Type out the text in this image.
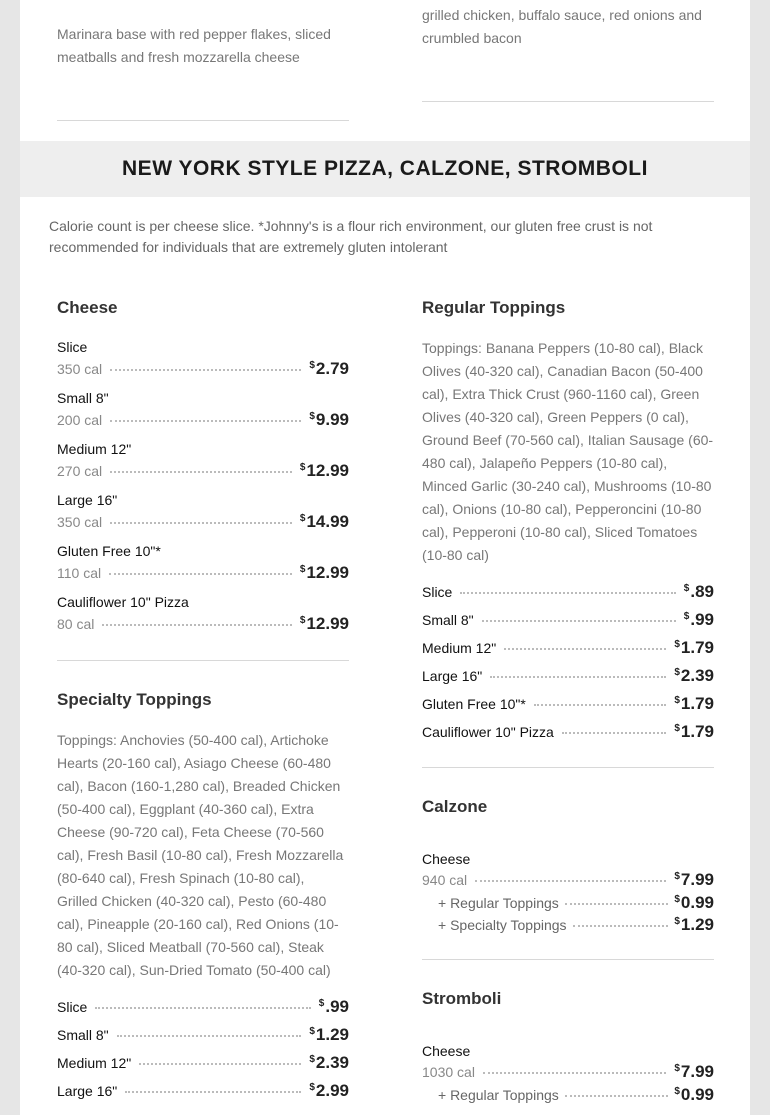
Marinara base with red pepper flakes, sliced meatballs and fresh mozzarella cheese
grilled chicken, buffalo sauce, red onions and crumbled bacon
NEW YORK STYLE PIZZA, CALZONE, STROMBOLI
Calorie count is per cheese slice. *Johnny's is a flour rich environment, our gluten free crust is not recommended for individuals that are extremely gluten intolerant
Cheese
Slice
350 cal	$2.79
Small 8"
200 cal	$9.99
Medium 12"
270 cal	$12.99
Large 16"
350 cal	$14.99
Gluten Free 10"*
110 cal	$12.99
Cauliflower 10" Pizza
80 cal	$12.99
Specialty Toppings
Toppings: Anchovies (50-400 cal), Artichoke Hearts (20-160 cal), Asiago Cheese (60-480 cal), Bacon (160-1,280 cal), Breaded Chicken (50-400 cal), Eggplant (40-360 cal), Extra Cheese (90-720 cal), Feta Cheese (70-560 cal), Fresh Basil (10-80 cal), Fresh Mozzarella (80-640 cal), Fresh Spinach (10-80 cal), Grilled Chicken (40-320 cal), Pesto (60-480 cal), Pineapple (20-160 cal), Red Onions (10-80 cal), Sliced Meatball (70-560 cal), Steak (40-320 cal), Sun-Dried Tomato (50-400 cal)
Slice	$.99
Small 8"	$1.29
Medium 12"	$2.39
Large 16"	$2.99
Regular Toppings
Toppings: Banana Peppers (10-80 cal), Black Olives (40-320 cal), Canadian Bacon (50-400 cal), Extra Thick Crust (960-1160 cal), Green Olives (40-320 cal), Green Peppers (0 cal), Ground Beef (70-560 cal), Italian Sausage (60-480 cal), Jalapeño Peppers (10-80 cal), Minced Garlic (30-240 cal), Mushrooms (10-80 cal), Onions (10-80 cal), Pepperoncini (10-80 cal), Pepperoni (10-80 cal), Sliced Tomatoes (10-80 cal)
Slice	$.89
Small 8"	$.99
Medium 12"	$1.79
Large 16"	$2.39
Gluten Free 10"*	$1.79
Cauliflower 10" Pizza	$1.79
Calzone
Cheese
940 cal	$7.99
+ Regular Toppings	$0.99
+ Specialty Toppings	$1.29
Stromboli
Cheese
1030 cal	$7.99
+ Regular Toppings	$0.99
